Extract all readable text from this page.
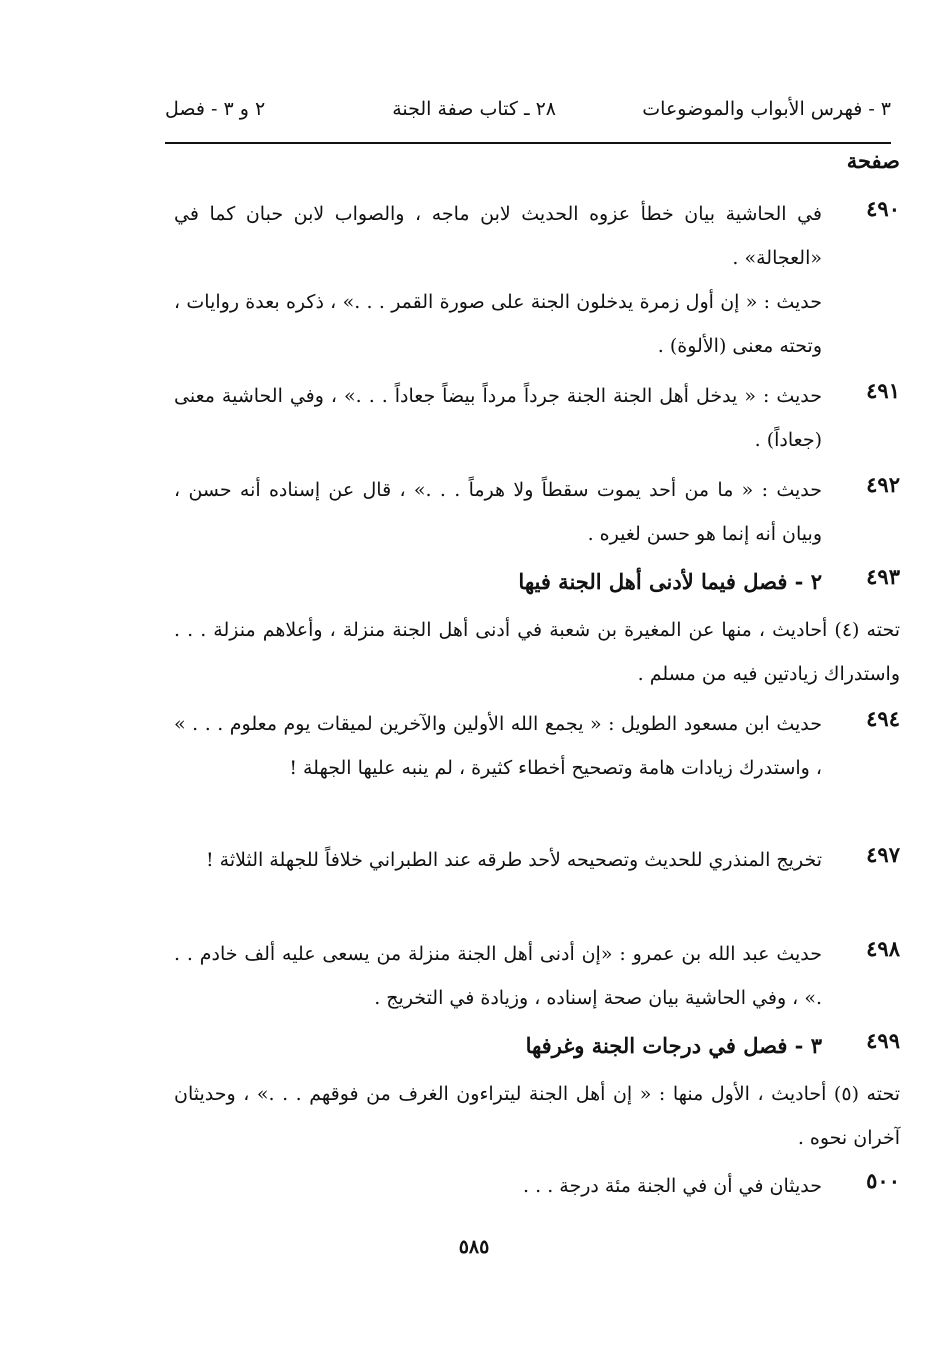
٣ - فهرس الأبواب والموضوعات
٢٨ ـ كتاب صفة الجنة
٢ و ٣ - فصل
صفحة
٤٩٠
في الحاشية بيان خطأ عزوه الحديث لابن ماجه ، والصواب لابن حبان كما في «العجالة» .
حديث : « إن أول زمرة يدخلون الجنة على صورة القمر . . .» ، ذكره بعدة روايات ، وتحته معنى (الألوة) .
٤٩١
حديث : « يدخل أهل الجنة الجنة جرداً مرداً بيضاً جعاداً . . .» ، وفي الحاشية معنى (جعاداً) .
٤٩٢
حديث : « ما من أحد يموت سقطاً ولا هرماً . . .» ، قال عن إسناده أنه حسن ، وبيان أنه إنما هو حسن لغيره .
٤٩٣
٢ - فصل فيما لأدنى أهل الجنة فيها
تحته (٤) أحاديث ، منها عن المغيرة بن شعبة في أدنى أهل الجنة منزلة ، وأعلاهم منزلة . . . واستدراك زيادتين فيه من مسلم .
٤٩٤
حديث ابن مسعود الطويل : « يجمع الله الأولين والآخرين لميقات يوم معلوم . . . » ، واستدرك زيادات هامة وتصحيح أخطاء كثيرة ، لم ينبه عليها الجهلة !
٤٩٧
تخريج المنذري للحديث وتصحيحه لأحد طرقه عند الطبراني خلافاً للجهلة الثلاثة !
٤٩٨
حديث عبد الله بن عمرو : «إن أدنى أهل الجنة منزلة من يسعى عليه ألف خادم . . .» ، وفي الحاشية بيان صحة إسناده ، وزيادة في التخريج .
٤٩٩
٣ - فصل في درجات الجنة وغرفها
تحته (٥) أحاديث ، الأول منها : « إن أهل الجنة ليتراءون الغرف من فوقهم . . .» ، وحديثان آخران نحوه .
٥٠٠
حديثان في أن في الجنة مئة درجة . . .
٥٨٥
